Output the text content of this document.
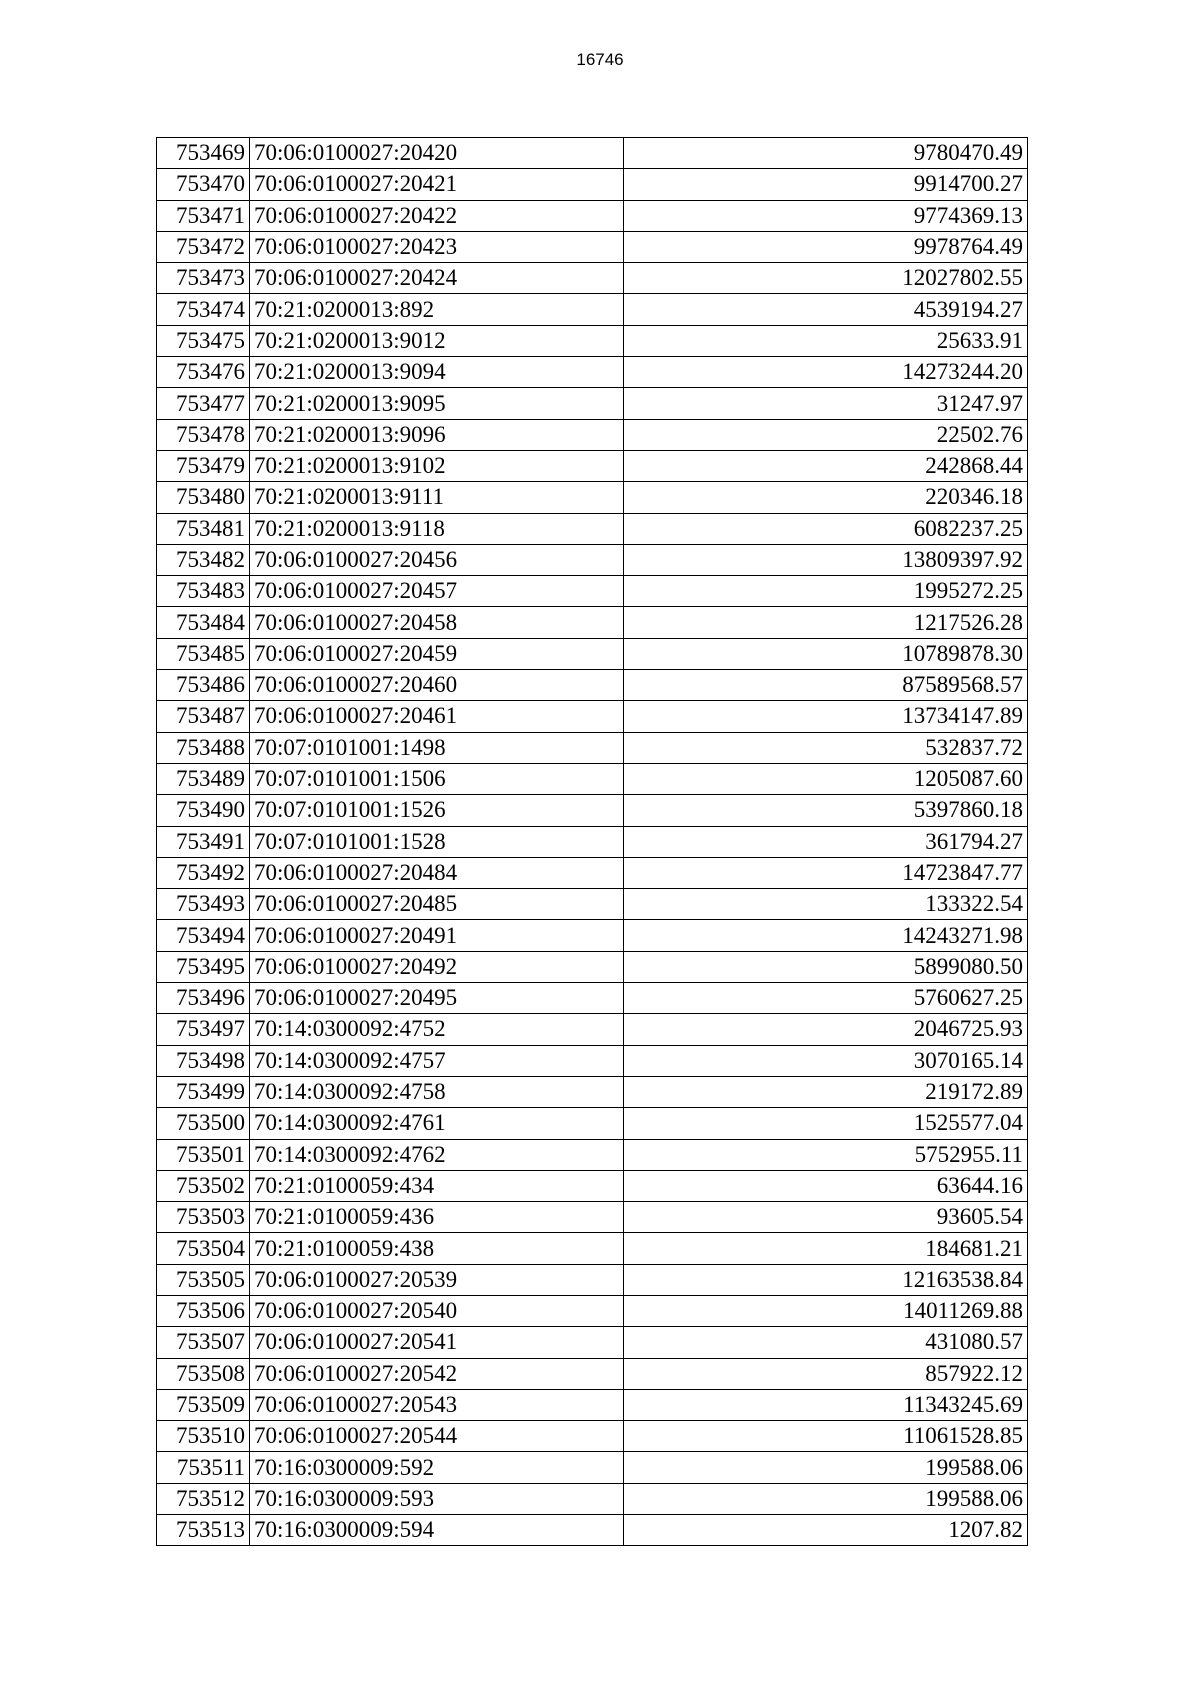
16746
753469	70:06:0100027:20420	9780470.49
753470	70:06:0100027:20421	9914700.27
753471	70:06:0100027:20422	9774369.13
753472	70:06:0100027:20423	9978764.49
753473	70:06:0100027:20424	12027802.55
753474	70:21:0200013:892	4539194.27
753475	70:21:0200013:9012	25633.91
753476	70:21:0200013:9094	14273244.20
753477	70:21:0200013:9095	31247.97
753478	70:21:0200013:9096	22502.76
753479	70:21:0200013:9102	242868.44
753480	70:21:0200013:9111	220346.18
753481	70:21:0200013:9118	6082237.25
753482	70:06:0100027:20456	13809397.92
753483	70:06:0100027:20457	1995272.25
753484	70:06:0100027:20458	1217526.28
753485	70:06:0100027:20459	10789878.30
753486	70:06:0100027:20460	87589568.57
753487	70:06:0100027:20461	13734147.89
753488	70:07:0101001:1498	532837.72
753489	70:07:0101001:1506	1205087.60
753490	70:07:0101001:1526	5397860.18
753491	70:07:0101001:1528	361794.27
753492	70:06:0100027:20484	14723847.77
753493	70:06:0100027:20485	133322.54
753494	70:06:0100027:20491	14243271.98
753495	70:06:0100027:20492	5899080.50
753496	70:06:0100027:20495	5760627.25
753497	70:14:0300092:4752	2046725.93
753498	70:14:0300092:4757	3070165.14
753499	70:14:0300092:4758	219172.89
753500	70:14:0300092:4761	1525577.04
753501	70:14:0300092:4762	5752955.11
753502	70:21:0100059:434	63644.16
753503	70:21:0100059:436	93605.54
753504	70:21:0100059:438	184681.21
753505	70:06:0100027:20539	12163538.84
753506	70:06:0100027:20540	14011269.88
753507	70:06:0100027:20541	431080.57
753508	70:06:0100027:20542	857922.12
753509	70:06:0100027:20543	11343245.69
753510	70:06:0100027:20544	11061528.85
753511	70:16:0300009:592	199588.06
753512	70:16:0300009:593	199588.06
753513	70:16:0300009:594	1207.82
